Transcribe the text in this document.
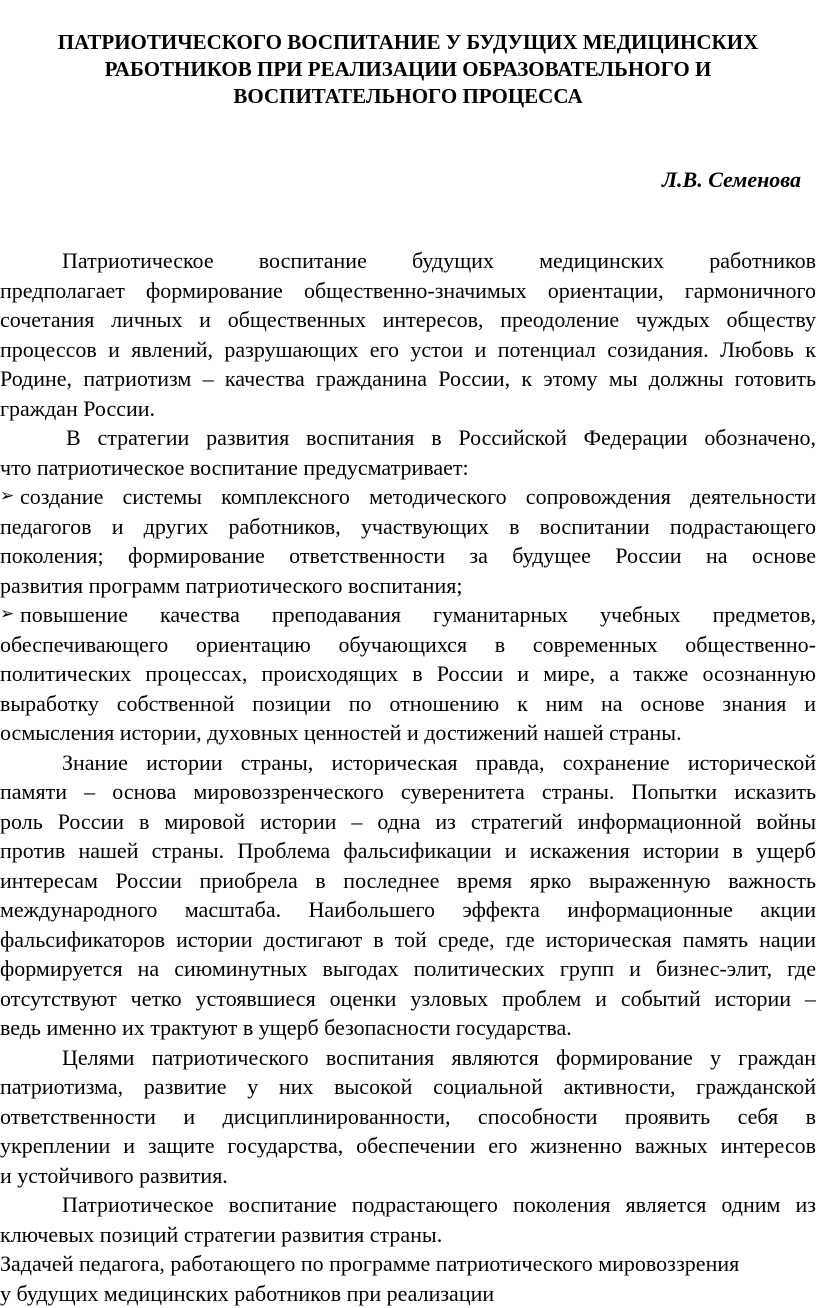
ПАТРИОТИЧЕСКОГО ВОСПИТАНИЕ У БУДУЩИХ МЕДИЦИНСКИХ
РАБОТНИКОВ ПРИ РЕАЛИЗАЦИИ ОБРАЗОВАТЕЛЬНОГО И
ВОСПИТАТЕЛЬНОГО ПРОЦЕССА
Л.В. Семенова
Патриотическое воспитание будущих медицинских работников
предполагает формирование общественно-значимых ориентации, гармоничного
сочетания личных и общественных интересов, преодоление чуждых обществу
процессов и явлений, разрушающих его устои и потенциал созидания. Любовь к
Родине, патриотизм – качества гражданина России, к этому мы должны готовить
граждан России.
В стратегии развития воспитания в Российской Федерации обозначено,
что патриотическое воспитание предусматривает:
➢ создание системы комплексного методического сопровождения деятельности
педагогов и других работников, участвующих в воспитании подрастающего
поколения; формирование ответственности за будущее России на основе
развития программ патриотического воспитания;
➢ повышение качества преподавания гуманитарных учебных предметов,
обеспечивающего ориентацию обучающихся в современных общественно-
политических процессах, происходящих в России и мире, а также осознанную
выработку собственной позиции по отношению к ним на основе знания и
осмысления истории, духовных ценностей и достижений нашей страны.
Знание истории страны, историческая правда, сохранение исторической
памяти – основа мировоззренческого суверенитета страны. Попытки исказить
роль России в мировой истории – одна из стратегий информационной войны
против нашей страны. Проблема фальсификации и искажения истории в ущерб
интересам России приобрела в последнее время ярко выраженную важность
международного масштаба. Наибольшего эффекта информационные акции
фальсификаторов истории достигают в той среде, где историческая память нации
формируется на сиюминутных выгодах политических групп и бизнес-элит, где
отсутствуют четко устоявшиеся оценки узловых проблем и событий истории –
ведь именно их трактуют в ущерб безопасности государства.
Целями патриотического воспитания являются формирование у граждан
патриотизма, развитие у них высокой социальной активности, гражданской
ответственности и дисциплинированности, способности проявить себя в
укреплении и защите государства, обеспечении его жизненно важных интересов
и устойчивого развития.
Патриотическое воспитание подрастающего поколения является одним из
ключевых позиций стратегии развития страны.
Задачей педагога, работающего по программе патриотического мировоззрения
у будущих медицинских работников при реализации
